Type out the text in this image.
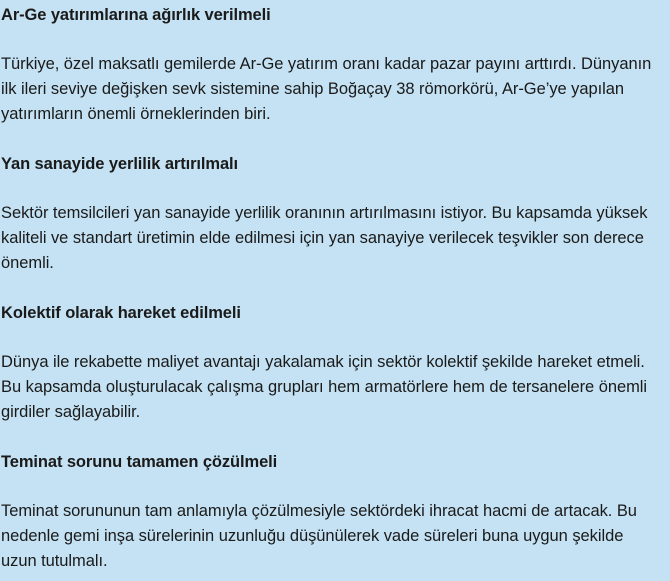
Ar-Ge yatırımlarına ağırlık verilmeli
Türkiye, özel maksatlı gemilerde Ar-Ge yatırım oranı kadar pazar payını arttırdı. Dünyanın ilk ileri seviye değişken sevk sistemine sahip Boğaçay 38 römorkörü, Ar-Ge’ye yapılan yatırımların önemli örneklerinden biri.
Yan sanayide yerlilik artırılmalı
Sektör temsilcileri yan sanayide yerlilik oranının artırılmasını istiyor. Bu kapsamda yüksek kaliteli ve standart üretimin elde edilmesi için yan sanayiye verilecek teşvikler son derece önemli.
Kolektif olarak hareket edilmeli
Dünya ile rekabette maliyet avantajı yakalamak için sektör kolektif şekilde hareket etmeli. Bu kapsamda oluşturulacak çalışma grupları hem armatörlere hem de tersanelere önemli girdiler sağlayabilir.
Teminat sorunu tamamen çözülmeli
Teminat sorununun tam anlamıyla çözülmesiyle sektördeki ihracat hacmi de artacak. Bu nedenle gemi inşa sürelerinin uzunluğu düşünülerek vade süreleri buna uygun şekilde uzun tutulmalı.
